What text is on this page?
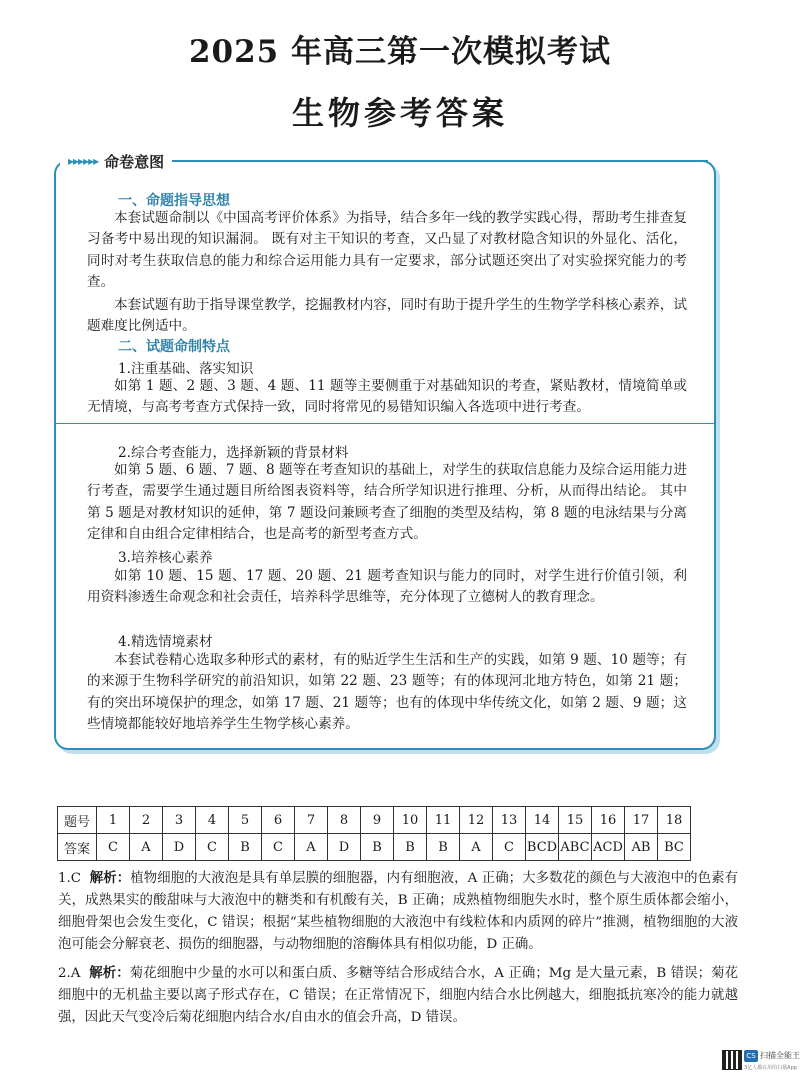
2025 年高三第一次模拟考试
生物参考答案
▸▸▸▸▸▸ 命卷意图
一、命题指导思想
本套试题命制以《中国高考评价体系》为指导，结合多年一线的教学实践心得，帮助考生排查复习备考中易出现的知识漏洞。 既有对主干知识的考查，又凸显了对教材隐含知识的外显化、活化，同时对考生获取信息的能力和综合运用能力具有一定要求，部分试题还突出了对实验探究能力的考查。
本套试题有助于指导课堂教学，挖掘教材内容，同时有助于提升学生的生物学学科核心素养，试题难度比例适中。
二、试题命制特点
1.注重基础、落实知识
如第 1 题、2 题、3 题、4 题、11 题等主要侧重于对基础知识的考查，紧贴教材，情境简单或无情境，与高考考查方式保持一致，同时将常见的易错知识编入各选项中进行考查。
2.综合考查能力，选择新颖的背景材料
如第 5 题、6 题、7 题、8 题等在考查知识的基础上，对学生的获取信息能力及综合运用能力进行考查，需要学生通过题目所给图表资料等，结合所学知识进行推理、分析，从而得出结论。 其中第 5 题是对教材知识的延伸，第 7 题设问兼顾考查了细胞的类型及结构，第 8 题的电泳结果与分离定律和自由组合定律相结合，也是高考的新型考查方式。
3.培养核心素养
如第 10 题、15 题、17 题、20 题、21 题考查知识与能力的同时，对学生进行价值引领，利用资料渗透生命观念和社会责任，培养科学思维等，充分体现了立德树人的教育理念。
4.精选情境素材
本套试卷精心选取多种形式的素材，有的贴近学生生活和生产的实践，如第 9 题、10 题等；有的来源于生物科学研究的前沿知识，如第 22 题、23 题等；有的体现河北地方特色，如第 21 题；有的突出环境保护的理念，如第 17 题、21 题等；也有的体现中华传统文化，如第 2 题、9 题；这些情境都能较好地培养学生生物学核心素养。
题号	1	2	3	4	5	6	7	8	9	10	11	12	13	14	15	16	17	18
答案	C	A	D	C	B	C	A	D	B	B	B	A	C	BCD	ABC	ACD	AB	BC
1.C 解析：植物细胞的大液泡是具有单层膜的细胞器，内有细胞液，A 正确；大多数花的颜色与大液泡中的色素有关，成熟果实的酸甜味与大液泡中的糖类和有机酸有关，B 正确；成熟植物细胞失水时，整个原生质体都会缩小，细胞骨架也会发生变化，C 错误；根据“某些植物细胞的大液泡中有线粒体和内质网的碎片”推测，植物细胞的大液泡可能会分解衰老、损伤的细胞器，与动物细胞的溶酶体具有相似功能，D 正确。
2.A 解析：菊花细胞中少量的水可以和蛋白质、多糖等结合形成结合水，A 正确；Mg 是大量元素，B 错误；菊花细胞中的无机盐主要以离子形式存在，C 错误；在正常情况下，细胞内结合水比例越大，细胞抵抗寒冷的能力就越强，因此天气变冷后菊花细胞内结合水/自由水的值会升高，D 错误。
CS 扫描全能王
3亿人都在用的扫描App
